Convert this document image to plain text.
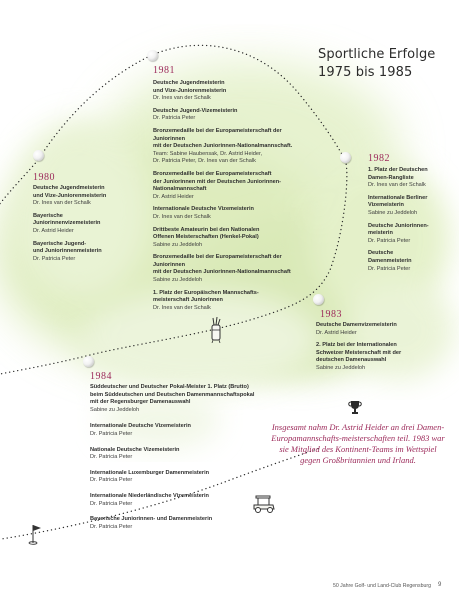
Sportliche Erfolge
1975 bis 1985
1981
1980
1982
1983
1984
Deutsche Jugendmeisterin
und Vize-Juniorenmeisterin
Dr. Ines van der Schalk
Bayerische
Juniorinnenvizemeisterin
Dr. Astrid Heider
Bayerische Jugend-
und Juniorinnenmeisterin
Dr. Patricia Peter
Deutsche Jugendmeisterin
und Vize-Juniorenmeisterin
Dr. Ines van der Schalk
Deutsche Jugend-Vizemeisterin
Dr. Patricia Peter
Bronzemedaille bei der Europameisterschaft der Juniorinnen
mit der Deutschen Juniorinnen-Nationalmannschaft.
Team: Sabine Haubensak, Dr. Astrid Heider,
Dr. Patricia Peter, Dr. Ines van der Schalk
Bronzemedaille bei der Europameisterschaft
der Juniorinnen mit der Deutschen Juniorinnen-
Nationalmannschaft
Dr. Astrid Heider
Internationale Deutsche Vizemeisterin
Dr. Ines van der Schalk
Drittbeste Amateurin bei den Nationalen
Offenen Meisterschaften (Henkel-Pokal)
Sabine zu Jeddeloh
Bronzemedaille bei der Europameisterschaft der Juniorinnen
mit der Deutschen Juniorinnen-Nationalmannschaft
Sabine zu Jeddeloh
1. Platz der Europäischen Mannschafts-
meisterschaft Juniorinnen
Dr. Ines van der Schalk
1. Platz der Deutschen
Damen-Rangliste
Dr. Ines van der Schalk
Internationale Berliner
Vizemeisterin
Sabine zu Jeddeloh
Deutsche Juniorinnen-
meisterin
Dr. Patricia Peter
Deutsche
Damenmeisterin
Dr. Patricia Peter
Deutsche Damenvizemeisterin
Dr. Astrid Heider
2. Platz bei der Internationalen
Schweizer Meisterschaft mit der
deutschen Damenauswahl
Sabine zu Jeddeloh
Süddeutscher und Deutscher Pokal-Meister 1. Platz (Brutto)
beim Süddeutschen und Deutschen Damenmannschaftspokal
mit der Regensburger Damenauswahl
Sabine zu Jeddeloh
Internationale Deutsche Vizemeisterin
Dr. Patricia Peter
Nationale Deutsche Vizemeisterin
Dr. Patricia Peter
Internationale Luxemburger Damenmeisterin
Dr. Patricia Peter
Internationale Niederländische Vizemeisterin
Dr. Patricia Peter
Bayerische Juniorinnen- und Damenmeisterin
Dr. Patricia Peter
Insgesamt nahm Dr. Astrid Heider an drei Damen-Europamannschafts-meisterschaften teil. 1983 war sie Mitglied des Kontinent-Teams im Wettspiel gegen Großbritannien und Irland.
50 Jahre Golf- und Land-Club Regensburg 9
